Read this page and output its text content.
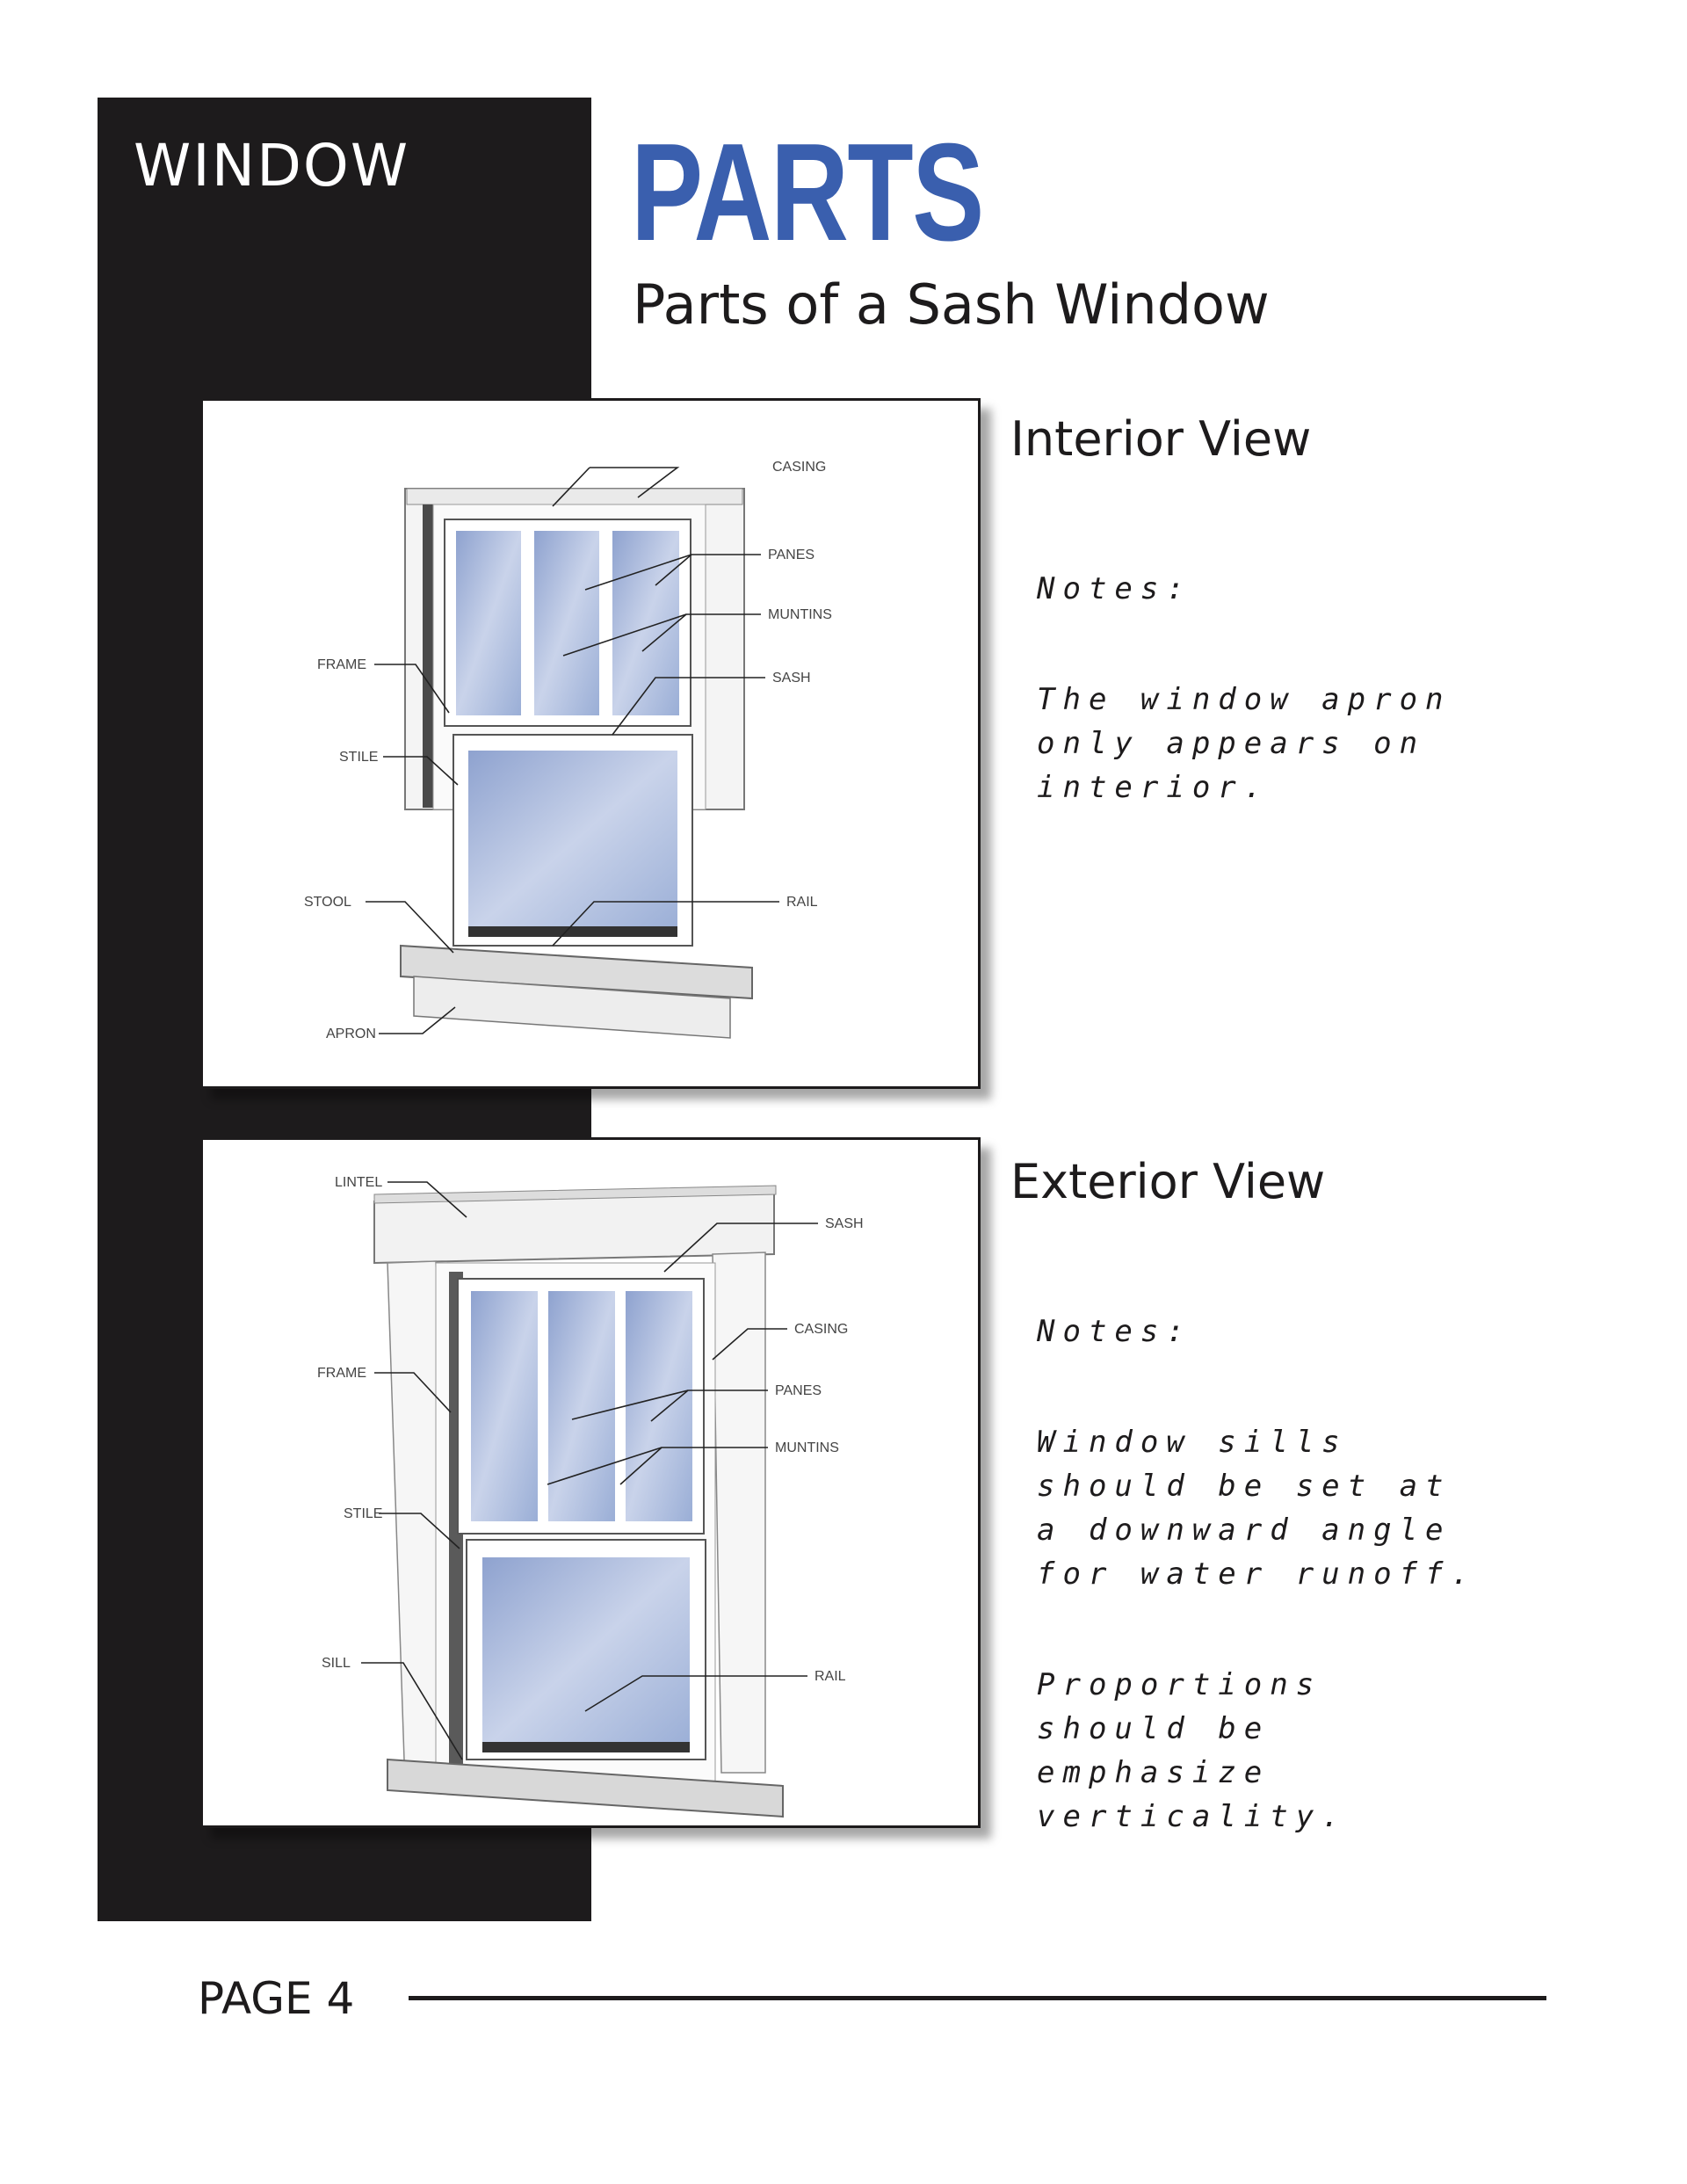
WINDOW PARTS
Parts of a Sash Window
CASING
PANES
MUNTINS
SASH
FRAME
STILE
STOOL	RAIL
APRON
Interior View

Notes:

The window apron only appears on interior.

LINTEL
SASH
CASING
FRAME
PANES
MUNTINS
STILE
SILL
RAIL
Exterior View

Notes:

Window sills should be set at a downward angle for water runoff.

Proportions should be emphasize verticality.

PAGE 4
